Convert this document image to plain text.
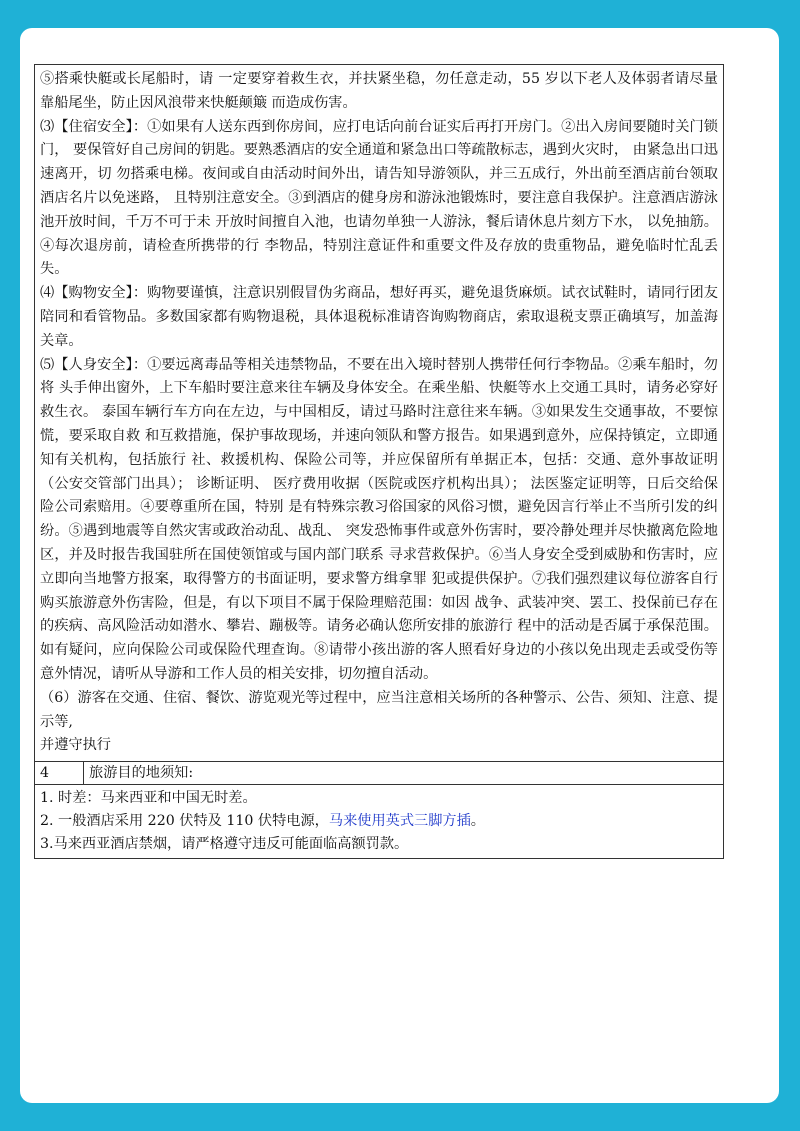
⑤搭乘快艇或长尾船时，请 一定要穿着救生衣，并扶紧坐稳，勿任意走动，55 岁以下老人及体弱者请尽量靠船尾坐，防止因风浪带来快艇颠簸 而造成伤害。

⑶【住宿安全】：①如果有人送东西到你房间，应打电话向前台证实后再打开房门。②出入房间要随时关门锁门， 要保管好自己房间的钥匙。要熟悉酒店的安全通道和紧急出口等疏散标志，遇到火灾时， 由紧急出口迅速离开，切 勿搭乘电梯。夜间或自由活动时间外出，请告知导游领队，并三五成行，外出前至酒店前台领取酒店名片以免迷路， 且特别注意安全。③到酒店的健身房和游泳池锻炼时，要注意自我保护。注意酒店游泳池开放时间，千万不可于未 开放时间擅自入池，也请勿单独一人游泳，餐后请休息片刻方下水， 以免抽筋。④每次退房前，请检查所携带的行 李物品，特别注意证件和重要文件及存放的贵重物品，避免临时忙乱丢失。

⑷【购物安全】：购物要谨慎，注意识别假冒伪劣商品，想好再买，避免退货麻烦。试衣试鞋时，请同行团友陪同和看管物品。多数国家都有购物退税，具体退税标准请咨询购物商店，索取退税支票正确填写，加盖海关章。

⑸【人身安全】：①要远离毒品等相关违禁物品，不要在出入境时替别人携带任何行李物品。②乘车船时，勿将 头手伸出窗外，上下车船时要注意来往车辆及身体安全。在乘坐船、快艇等水上交通工具时，请务必穿好救生衣。 泰国车辆行车方向在左边，与中国相反，请过马路时注意往来车辆。③如果发生交通事故，不要惊慌，要采取自救 和互救措施，保护事故现场，并速向领队和警方报告。如果遇到意外，应保持镇定，立即通知有关机构，包括旅行 社、救援机构、保险公司等，并应保留所有单据正本，包括：交通、意外事故证明（公安交管部门出具）； 诊断证明、 医疗费用收据（医院或医疗机构出具）； 法医鉴定证明等，日后交给保险公司索赔用。④要尊重所在国，特别 是有特殊宗教习俗国家的风俗习惯，避免因言行举止不当所引发的纠纷。⑤遇到地震等自然灾害或政治动乱、战乱、 突发恐怖事件或意外伤害时，要冷静处理并尽快撤离危险地区，并及时报告我国驻所在国使领馆或与国内部门联系 寻求营救保护。⑥当人身安全受到威胁和伤害时，应立即向当地警方报案，取得警方的书面证明，要求警方缉拿罪 犯或提供保护。⑦我们强烈建议每位游客自行购买旅游意外伤害险，但是，有以下项目不属于保险理赔范围：如因 战争、武装冲突、罢工、投保前已存在的疾病、高风险活动如潜水、攀岩、蹦极等。请务必确认您所安排的旅游行 程中的活动是否属于承保范围。如有疑问，应向保险公司或保险代理查询。⑧请带小孩出游的客人照看好身边的小孩以免出现走丢或受伤等意外情况，请听从导游和工作人员的相关安排，切勿擅自活动。

（6）游客在交通、住宿、餐饮、游览观光等过程中，应当注意相关场所的各种警示、公告、须知、注意、提示等,

并遵守执行

4	旅游目的地须知:

1. 时差：马来西亚和中国无时差。

2. 一般酒店采用 220 伏特及 110 伏特电源，马来使用英式三脚方插。

3.马来西亚酒店禁烟，请严格遵守违反可能面临高额罚款。
